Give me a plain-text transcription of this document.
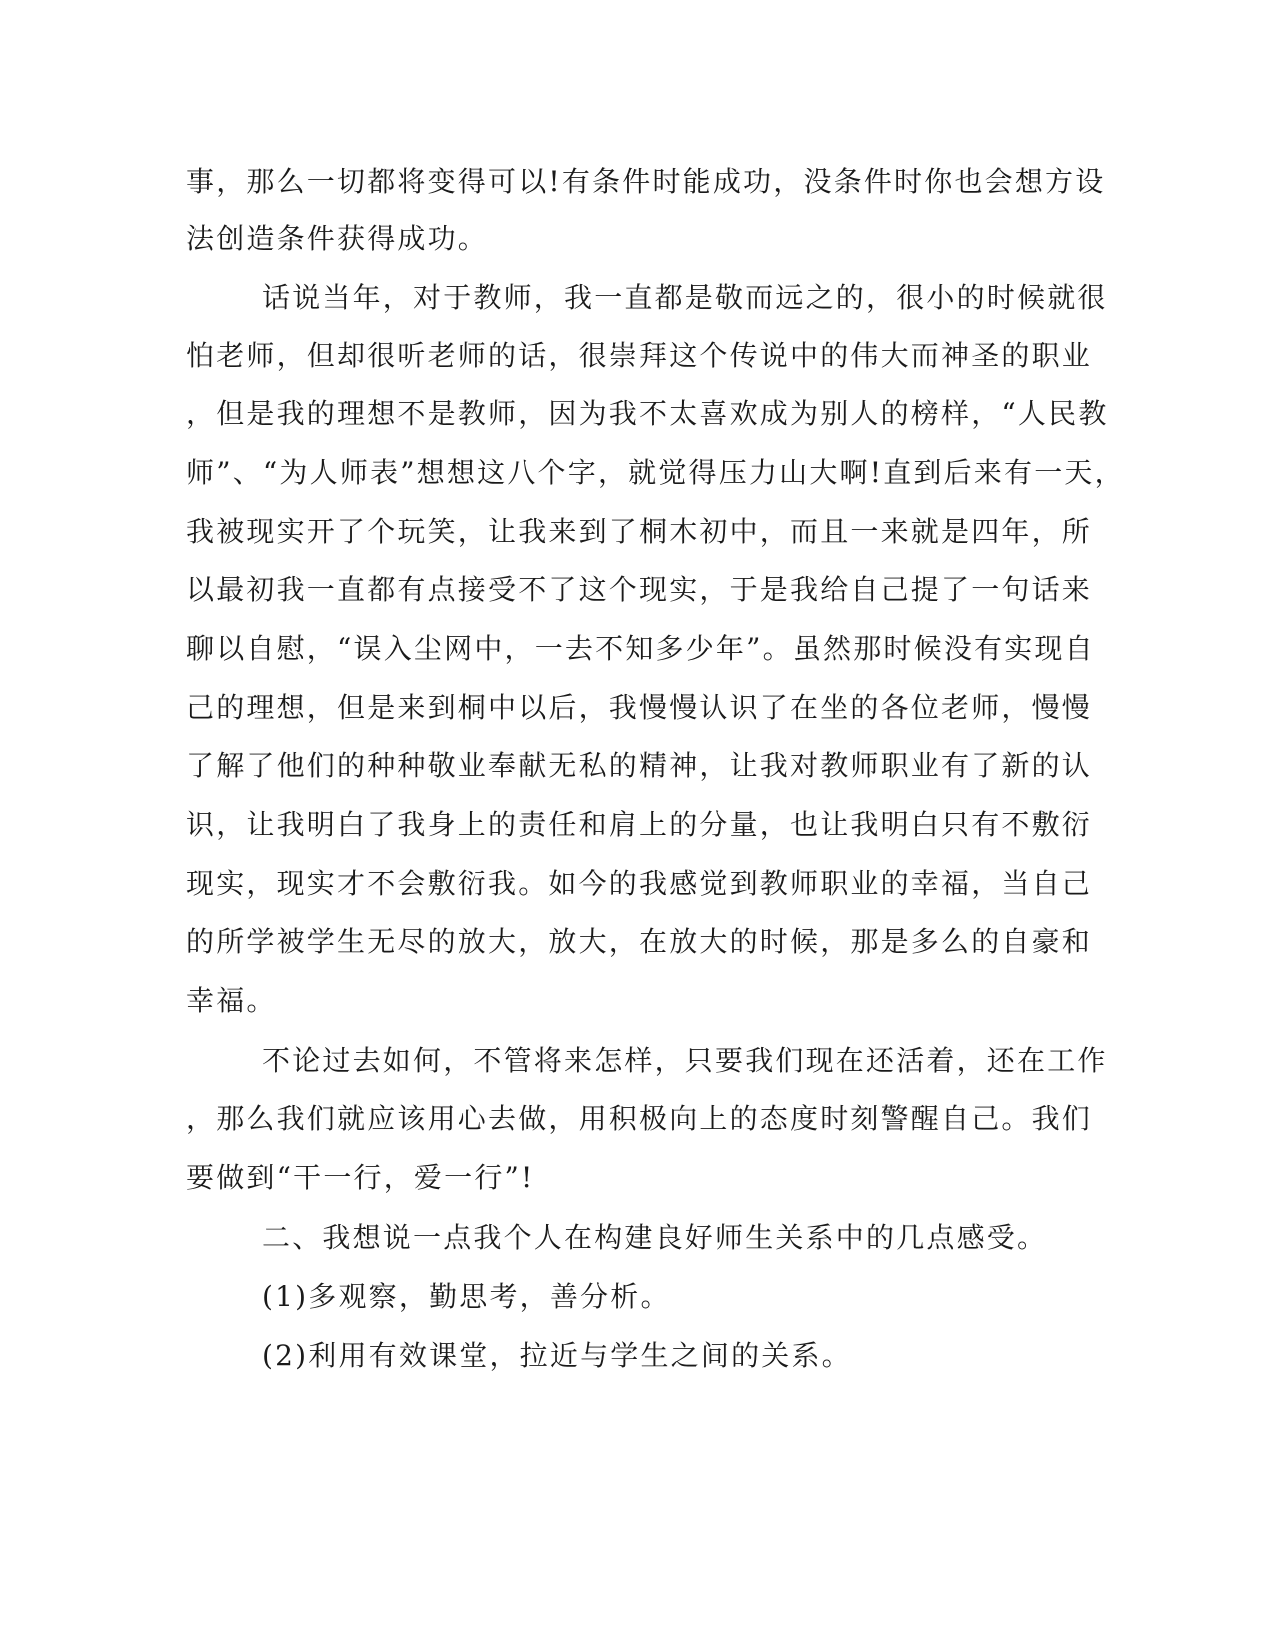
事，那么一切都将变得可以!有条件时能成功，没条件时你也会想方设
法创造条件获得成功。
话说当年，对于教师，我一直都是敬而远之的，很小的时候就很
怕老师，但却很听老师的话，很崇拜这个传说中的伟大而神圣的职业
，但是我的理想不是教师，因为我不太喜欢成为别人的榜样，“人民教
师”、“为人师表”想想这八个字，就觉得压力山大啊!直到后来有一天，
我被现实开了个玩笑，让我来到了桐木初中，而且一来就是四年，所
以最初我一直都有点接受不了这个现实，于是我给自己提了一句话来
聊以自慰，“误入尘网中，一去不知多少年”。虽然那时候没有实现自
己的理想，但是来到桐中以后，我慢慢认识了在坐的各位老师，慢慢
了解了他们的种种敬业奉献无私的精神，让我对教师职业有了新的认
识，让我明白了我身上的责任和肩上的分量，也让我明白只有不敷衍
现实，现实才不会敷衍我。如今的我感觉到教师职业的幸福，当自己
的所学被学生无尽的放大，放大，在放大的时候，那是多么的自豪和
幸福。
不论过去如何，不管将来怎样，只要我们现在还活着，还在工作
，那么我们就应该用心去做，用积极向上的态度时刻警醒自己。我们
要做到“干一行，爱一行”!
二、我想说一点我个人在构建良好师生关系中的几点感受。
(1)多观察，勤思考，善分析。
(2)利用有效课堂，拉近与学生之间的关系。
